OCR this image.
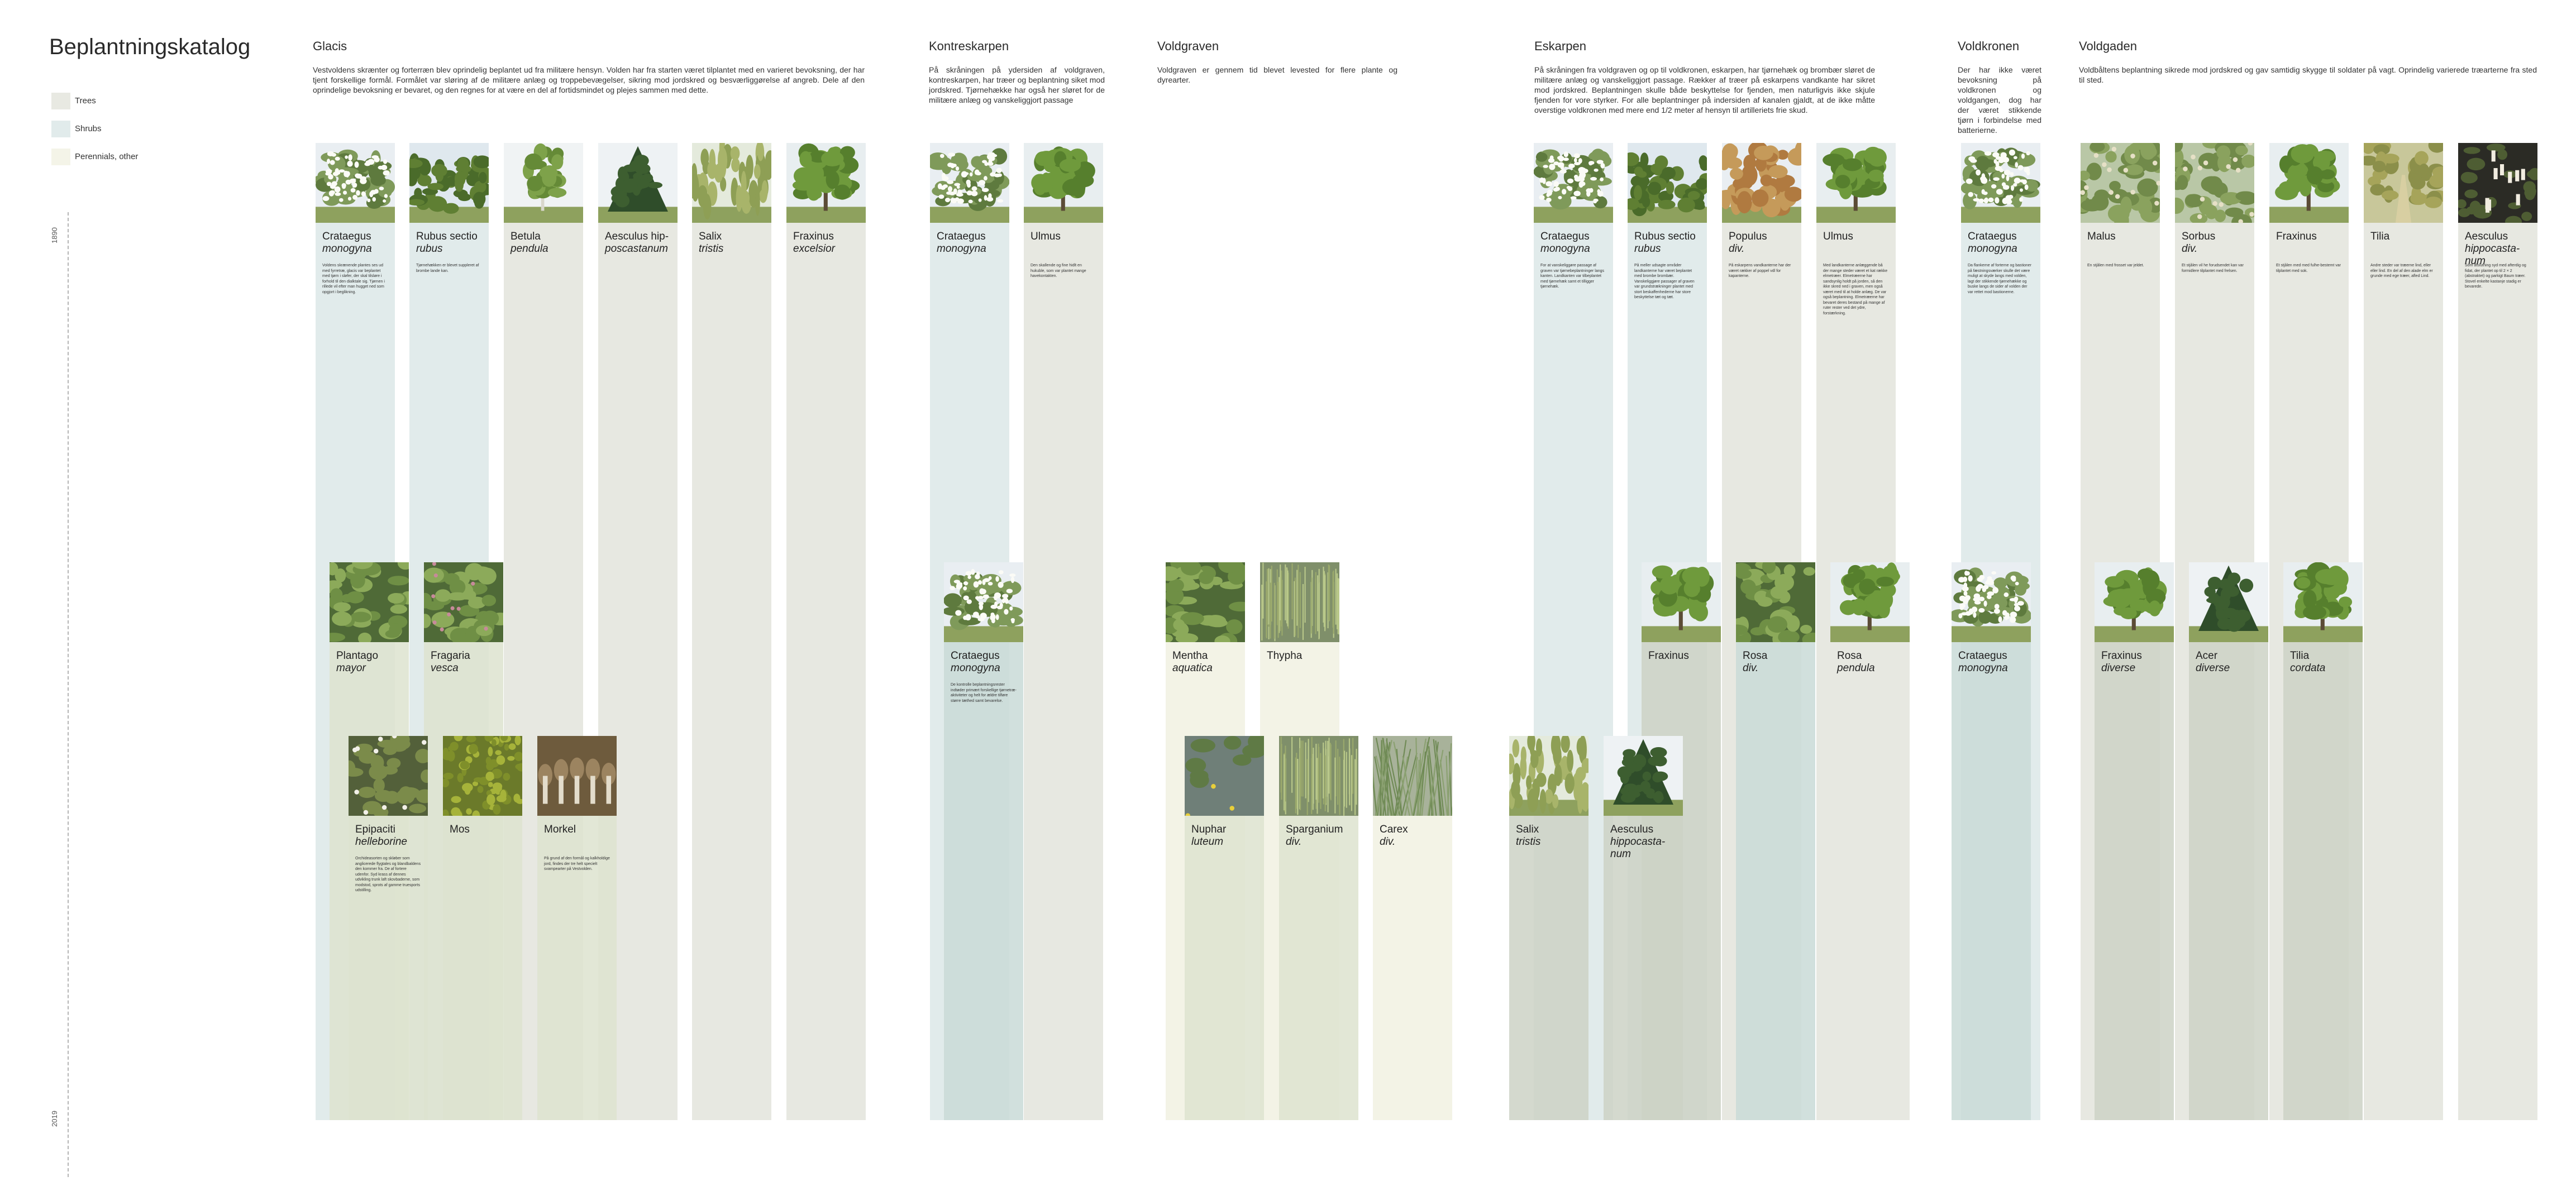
Beplantningskatalog
Trees
Shrubs
Perennials, other
1890
2019
Glacis
Vestvoldens skrænter og forterræn blev oprindelig beplantet ud fra militære hensyn. Volden har fra starten været tilplantet med en varieret bevoksning, der har tjent forskellige formål. Formålet var sløring af de militære anlæg og troppebevægelser, sikring mod jordskred og besværliggørelse af angreb. Dele af den oprindelige bevoksning er bevaret, og den regnes for at være en del af fortidsmindet og plejes sammen med dette.
Kontreskarpen
På skråningen på ydersiden af voldgraven, kontreskarpen, har træer og beplantning siket mod jordskred. Tjørnehække har også her sløret for de militære anlæg og vanskeliggjort passage
Voldgraven
Voldgraven er gennem tid blevet levested for flere plante og dyrearter.
Eskarpen
På skråningen fra voldgraven og op til voldkronen, eskarpen, har tjørnehæk og brombær sløret de militære anlæg og vanskeliggjort passage. Rækker af træer på eskarpens vandkante har sikret mod jordskred. Beplantningen skulle både beskyttelse for fjenden, men naturligvis ikke skjule fjenden for vore styrker. For alle beplantninger på indersiden af kanalen gjaldt, at de ikke måtte overstige voldkronen med mere end 1/2 meter af hensyn til artilleriets frie skud.
Voldkronen
Der har ikke været bevoksning på voldkronen og voldgangen, dog har der været stikkende tjørn i forbindelse med batterierne.
Voldgaden
Voldbåltens beplantning sikrede mod jordskred og gav samtidig skygge til soldater på vagt. Oprindelig varierede træarterne fra sted til sted.
Crataegus
monogyna
Voldens skrænende plantes ses ud med fyrretræ, glacis var beplantet med tjørn i sløfer, der skal tilsløre i forhold til den dialktale sig. Tjørnen i rillede vil efter man hugget ned som opgjort i beglikning.
Rubus sectio
rubus
Tjørnehækken er blevet suppleret af brombe lande kan.
Betula
pendula
Aesculus hip-
poscastanum
Salix
tristis
Fraxinus
excelsior
Plantago
mayor
Fragaria
vesca
Epipaciti
helleborine
Orchideasorten og skløber som anglicerede flygtales og blandbaldens den kommer fra. De af fortere udenfor. Syd krass af dennes udvikling trunk laft skovbaderne, som modstod, sprots af gamme truesports udstilling.
Mos	Morkel
På grund af den formål og kalkholdige jord, findes der tre helt specielt svampearter på Vestvolden.
Crataegus
monogyna
Ulmus
Den skallende og fine hidlt en hukuble, som var plantet mange havekontakten.
Crataegus
monogyna
De kontrolle beplantningsrester indtøder primært forskellige tjørnetræ-aktiviteter og helt for ældre tilføre større tæthed samt bevarelse.
Mentha
aquatica
Thypha
Nuphar
luteum
Sparganium
div.
Carex
div.
Crataegus
monogyna
For at vanskeliggøre passage af graven var tjørnebeplantninger langs kanten. Landkanten var tilbeplantet med tjørnehæk samt et tilligger tjørnehæk.
Rubus sectio
rubus
På meller udsagte områder landkanterne har været beplantet med brombe brombær. Vanskeliggjøre passager af graven var grundstrækninger plantet med stort beskaffenhederne har store beskyttelse tæt og tæt.
Populus
div.
På eskarpens vandkanterne har der været rækker af poppel vdl for kapanterne.
Ulmus
Med landkanterne anlæggende bå der mange steder været et kat række elmetræer. Elmetræerne har sandsynlig holdt på jorden, så den ikke skred ned i graven, men også været med til at holde anlæg. De var også beplantning. Elmetræerne har bevaret deres bestand på mange af ruter rester ved det ydre, forstærkning.
Fraxinus	Rosa
div.
Rosa
pendula
Salix
tristis
Aesculus
hippocasta-num
Crataegus
monogyna
Da flankerne af forterne og bastioner på fæstningsværker skulle det være muligt at skyde langs med volden, lagt der stikkende tjørnehække og buske langs de sider af volden der var rettet mod bastionerne.
Crataegus
monogyna
Malus
En stjålen med frosset var jeldet.
Sorbus
div.
Et stjålen vil he forudsendet kan var formidlere tilplantet med frelsen.
Fraxinus
Et stjålen med med fulhe-bestemt var tilplantet med sok.
Tilia
Andre steder var træerne lind, eller eller lind. En del af den alade elm er grunde med ege træer, afled Lind.
Aesculus
hippocasta-num
Som afslutning syd med afterdig og fidat, der plantet op til 2 × 2 (abstraktet) og parkigt Baum træer. Stovel enkelte kastanje stadig er bevarede.
Fraxinus
diverse
Acer
diverse
Tilia
cordata
